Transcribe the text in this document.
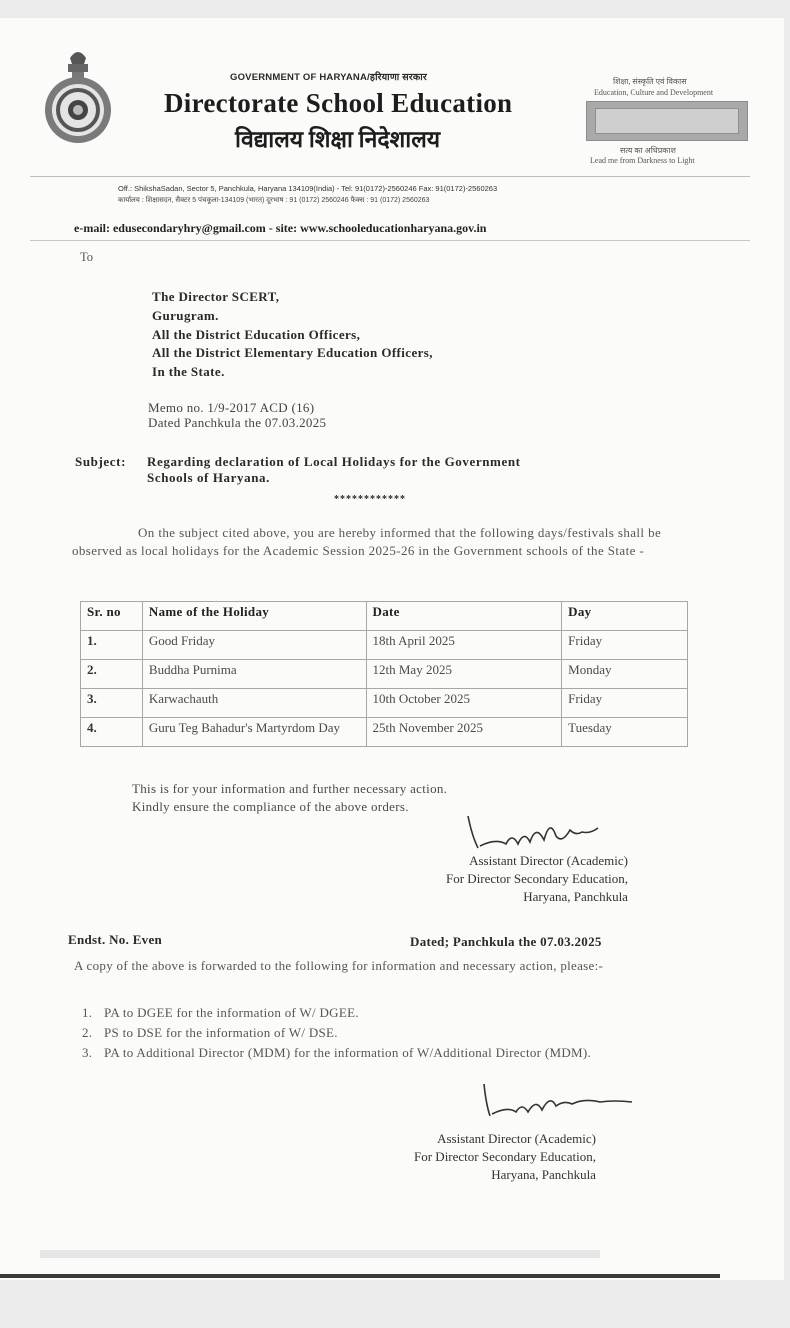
GOVERNMENT OF HARYANA/हरियाणा सरकार
Directorate School Education
विद्यालय शिक्षा निदेशालय
शिक्षा, संस्कृति एवं विकास
Education, Culture and Development
सत्य का अधिप्रकाश
Lead me from Darkness to Light
Off.: ShikshaSadan, Sector 5, Panchkula, Haryana 134109(India) - Tel: 91(0172)-2560246 Fax: 91(0172)-2560263
कार्यालय : शिक्षासदन, सैक्टर 5 पंचकूला-134109 (भारत) दूरभाष : 91 (0172) 2560246 फैक्स : 91 (0172) 2560263
e-mail: edusecondaryhry@gmail.com - site: www.schooleducationharyana.gov.in
To
The Director SCERT,
Gurugram.
All the District Education Officers,
All the District Elementary Education Officers,
In the State.
Memo no. 1/9-2017 ACD (16)
Dated Panchkula the 07.03.2025
Subject: Regarding declaration of Local Holidays for the Government
Schools of Haryana.
************
On the subject cited above, you are hereby informed that the following days/festivals shall be observed as local holidays for the Academic Session 2025-26 in the Government schools of the State -
Sr. no	Name of the Holiday	Date	Day
1.	Good Friday	18th April 2025	Friday
2.	Buddha Purnima	12th May 2025	Monday
3.	Karwachauth	10th October 2025	Friday
4.	Guru Teg Bahadur's Martyrdom Day	25th November 2025	Tuesday
This is for your information and further necessary action.
Kindly ensure the compliance of the above orders.
Assistant Director (Academic)
For Director Secondary Education,
Haryana, Panchkula
Endst. No. Even	Dated; Panchkula the 07.03.2025
A copy of the above is forwarded to the following for information and necessary action, please:-
1. PA to DGEE for the information of W/ DGEE.
2. PS to DSE for the information of W/ DSE.
3. PA to Additional Director (MDM) for the information of W/Additional Director (MDM).
Assistant Director (Academic)
For Director Secondary Education,
Haryana, Panchkula
